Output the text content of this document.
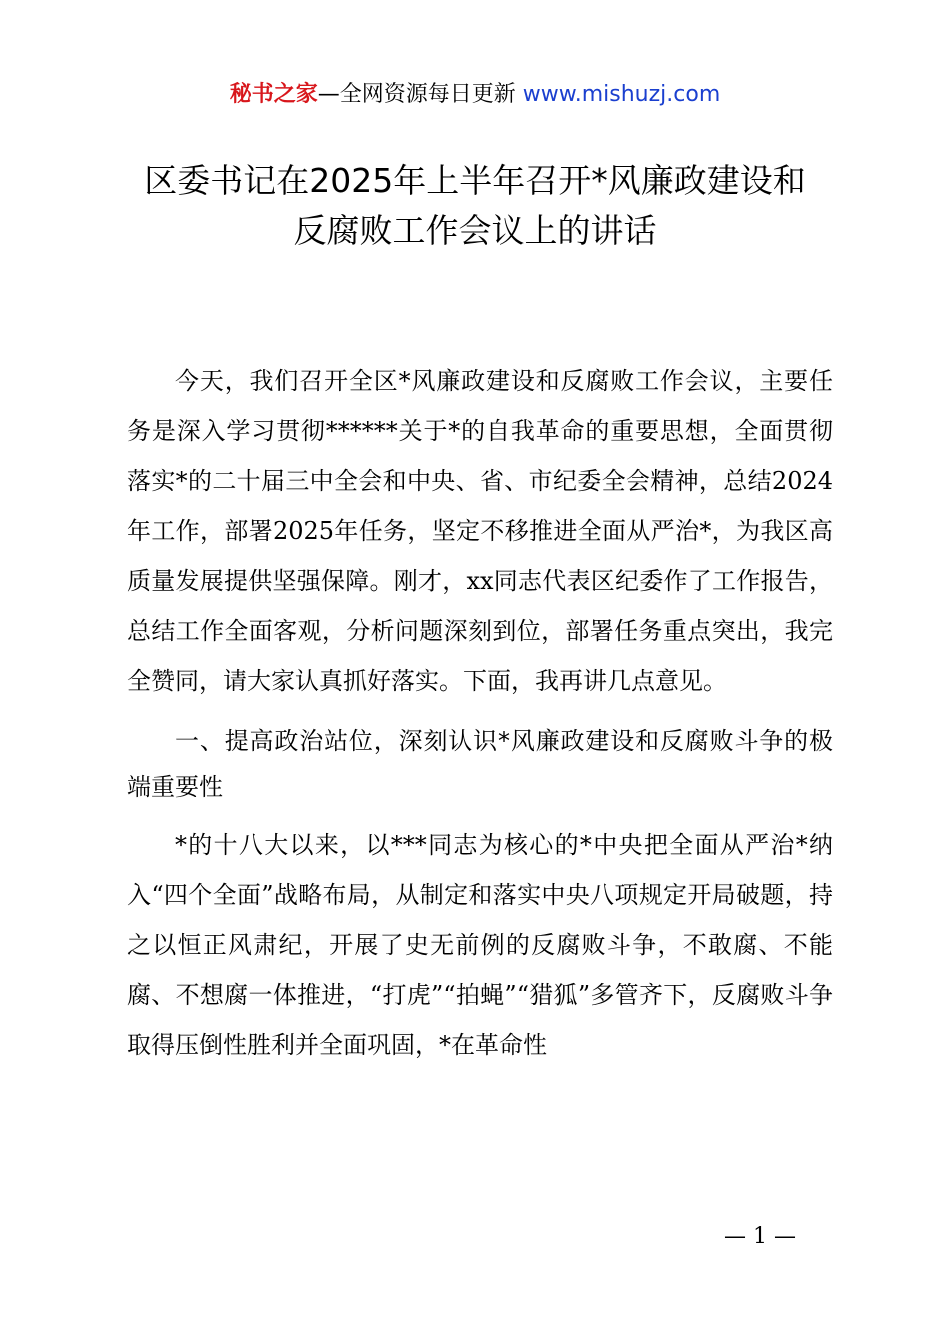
秘书之家—全网资源每日更新 www.mishuzj.com
区委书记在2025年上半年召开*风廉政建设和
反腐败工作会议上的讲话

今天，我们召开全区*风廉政建设和反腐败工作会议，主要任务是深入学习贯彻******关于*的自我革命的重要思想，全面贯彻落实*的二十届三中全会和中央、省、市纪委全会精神，总结2024年工作，部署2025年任务，坚定不移推进全面从严治*，为我区高质量发展提供坚强保障。刚才，xx同志代表区纪委作了工作报告，总结工作全面客观，分析问题深刻到位，部署任务重点突出，我完全赞同，请大家认真抓好落实。下面，我再讲几点意见。

一、提高政治站位，深刻认识*风廉政建设和反腐败斗争的极端重要性

*的十八大以来，以***同志为核心的*中央把全面从严治*纳入“四个全面”战略布局，从制定和落实中央八项规定开局破题，持之以恒正风肃纪，开展了史无前例的反腐败斗争，不敢腐、不能腐、不想腐一体推进，“打虎”“拍蝇”“猎狐”多管齐下，反腐败斗争取得压倒性胜利并全面巩固，*在革命性

— 1 —
